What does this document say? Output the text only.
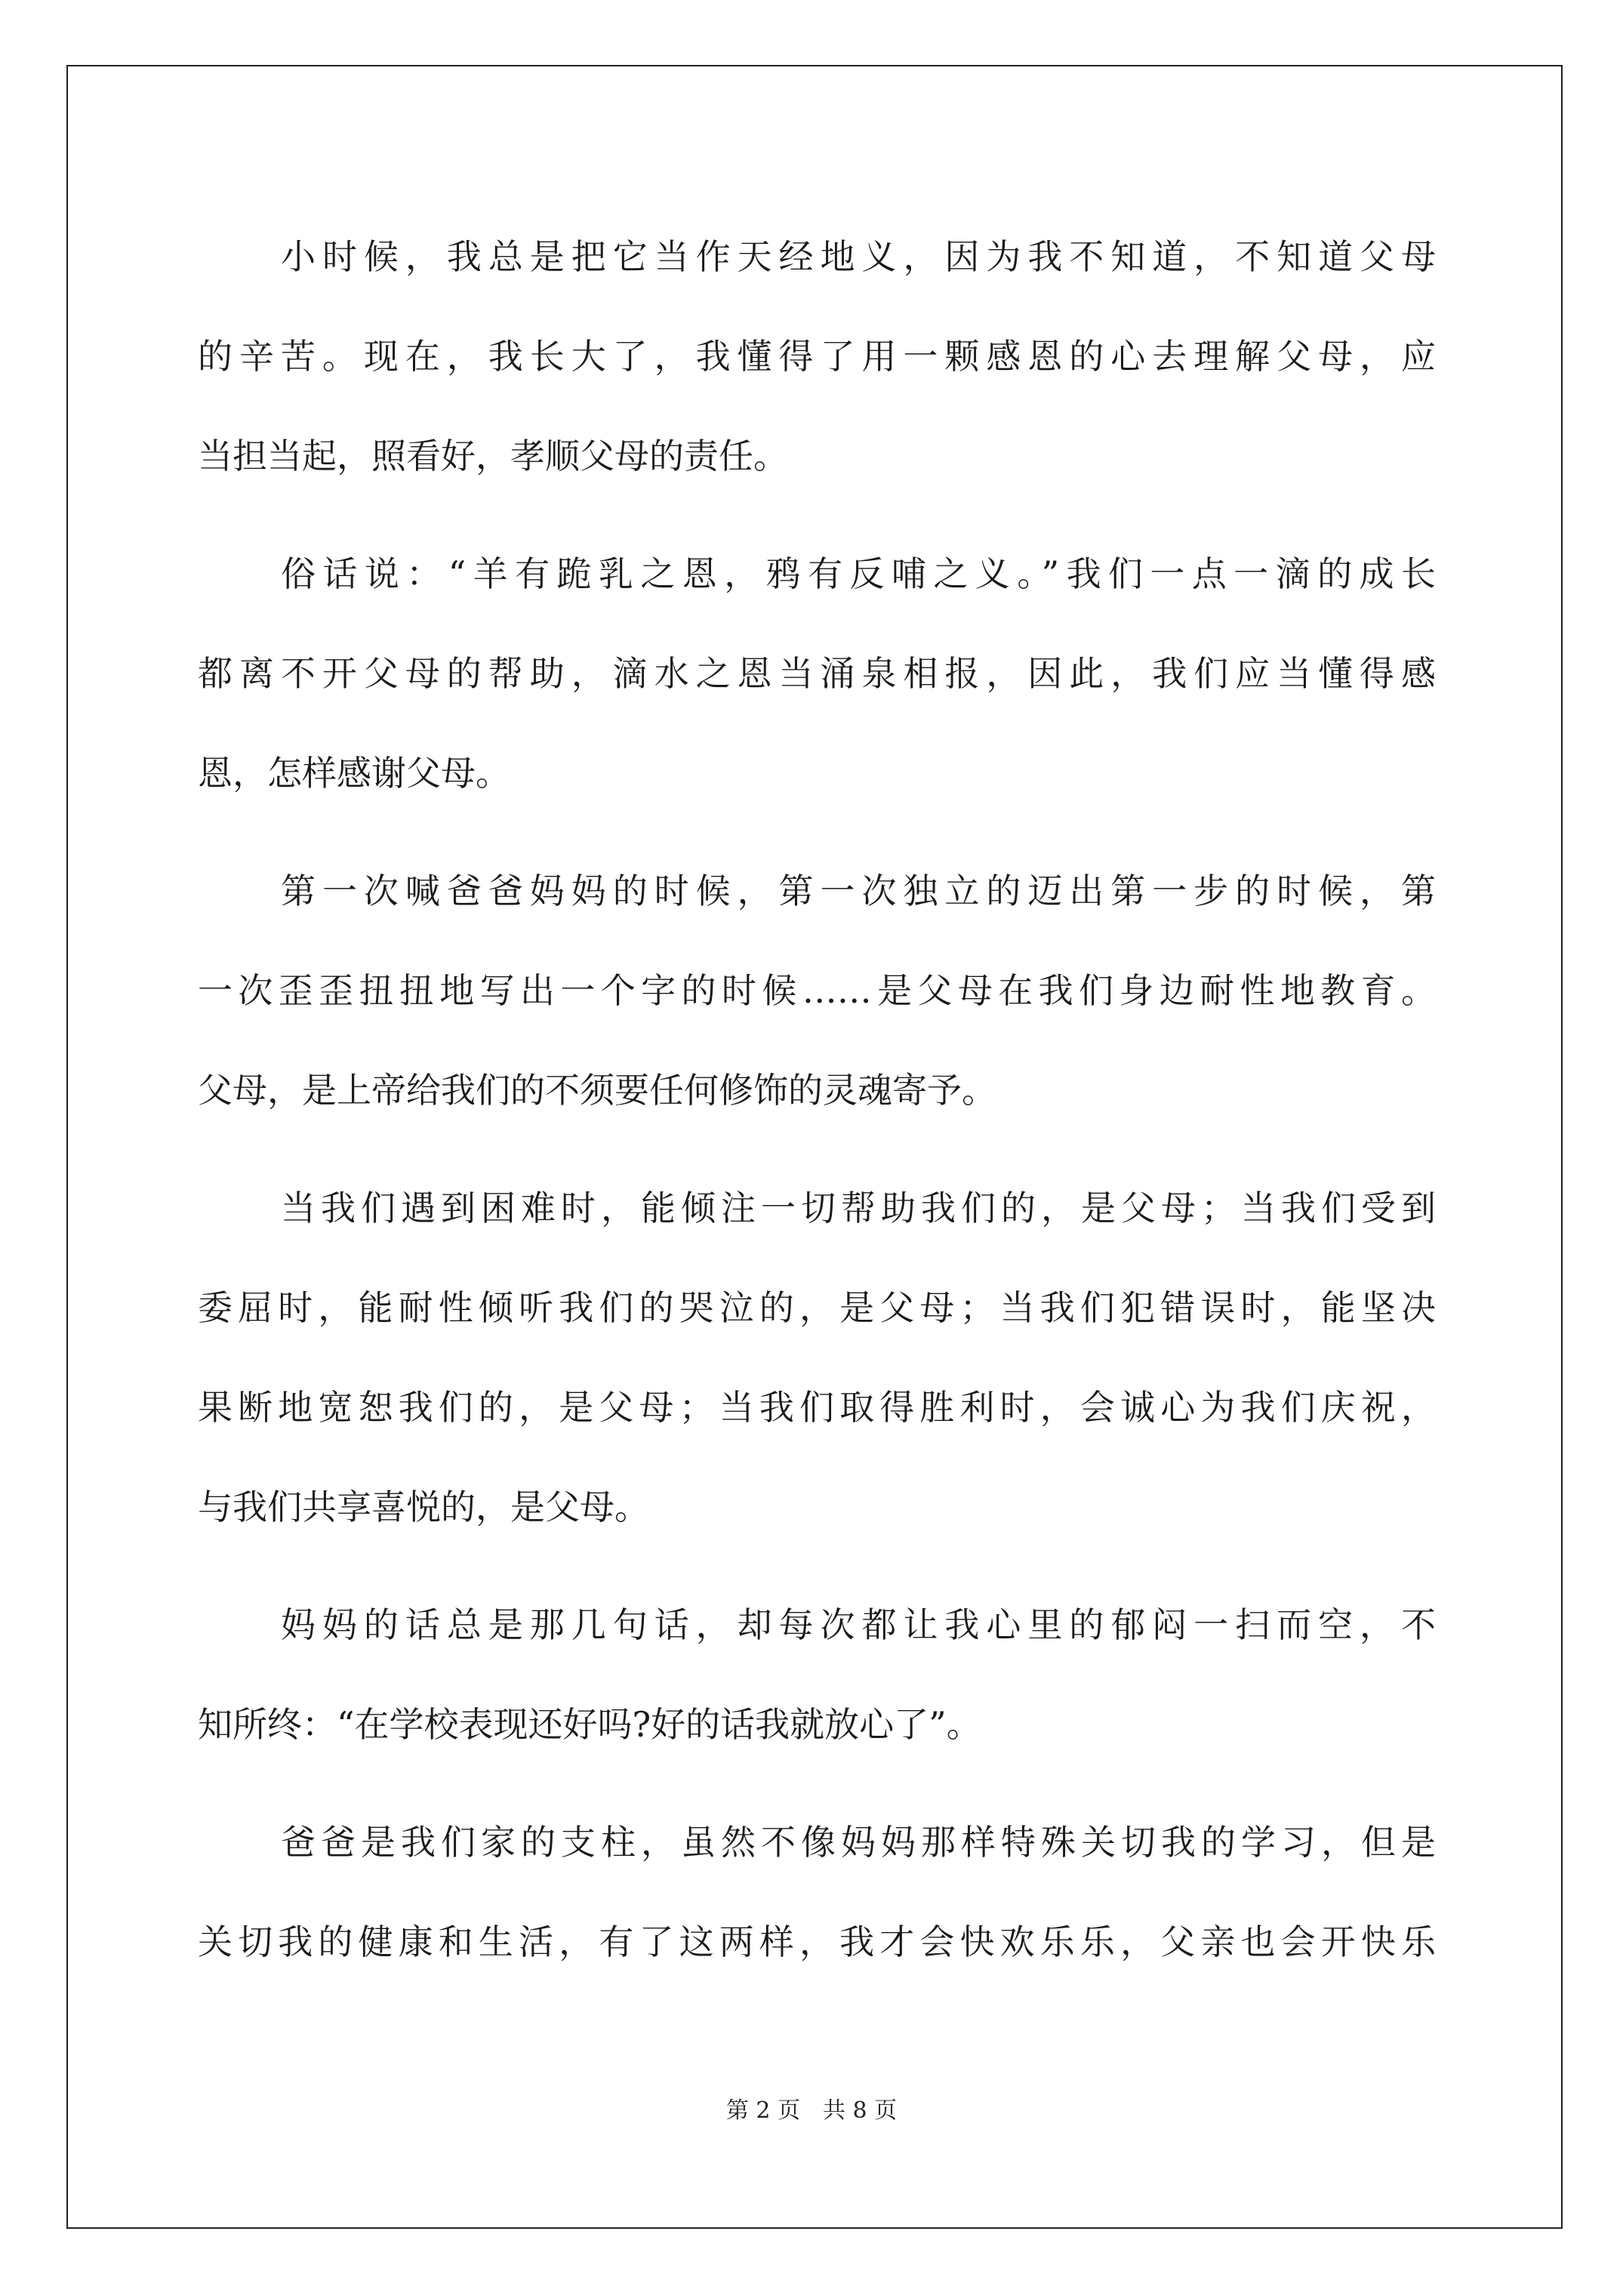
小时候，我总是把它当作天经地义，因为我不知道，不知道父母
的辛苦。现在，我长大了，我懂得了用一颗感恩的心去理解父母，应
当担当起，照看好，孝顺父母的责任。
俗话说：“羊有跪乳之恩，鸦有反哺之义。”我们一点一滴的成长
都离不开父母的帮助，滴水之恩当涌泉相报，因此，我们应当懂得感
恩，怎样感谢父母。
第一次喊爸爸妈妈的时候，第一次独立的迈出第一步的时候，第
一次歪歪扭扭地写出一个字的时候……是父母在我们身边耐性地教育。
父母，是上帝给我们的不须要任何修饰的灵魂寄予。
当我们遇到困难时，能倾注一切帮助我们的，是父母；当我们受到
委屈时，能耐性倾听我们的哭泣的，是父母；当我们犯错误时，能坚决
果断地宽恕我们的，是父母；当我们取得胜利时，会诚心为我们庆祝，
与我们共享喜悦的，是父母。
妈妈的话总是那几句话，却每次都让我心里的郁闷一扫而空，不
知所终：“在学校表现还好吗?好的话我就放心了”。
爸爸是我们家的支柱，虽然不像妈妈那样特殊关切我的学习，但是
关切我的健康和生活，有了这两样，我才会快欢乐乐，父亲也会开快乐
第 2 页　共 8 页
